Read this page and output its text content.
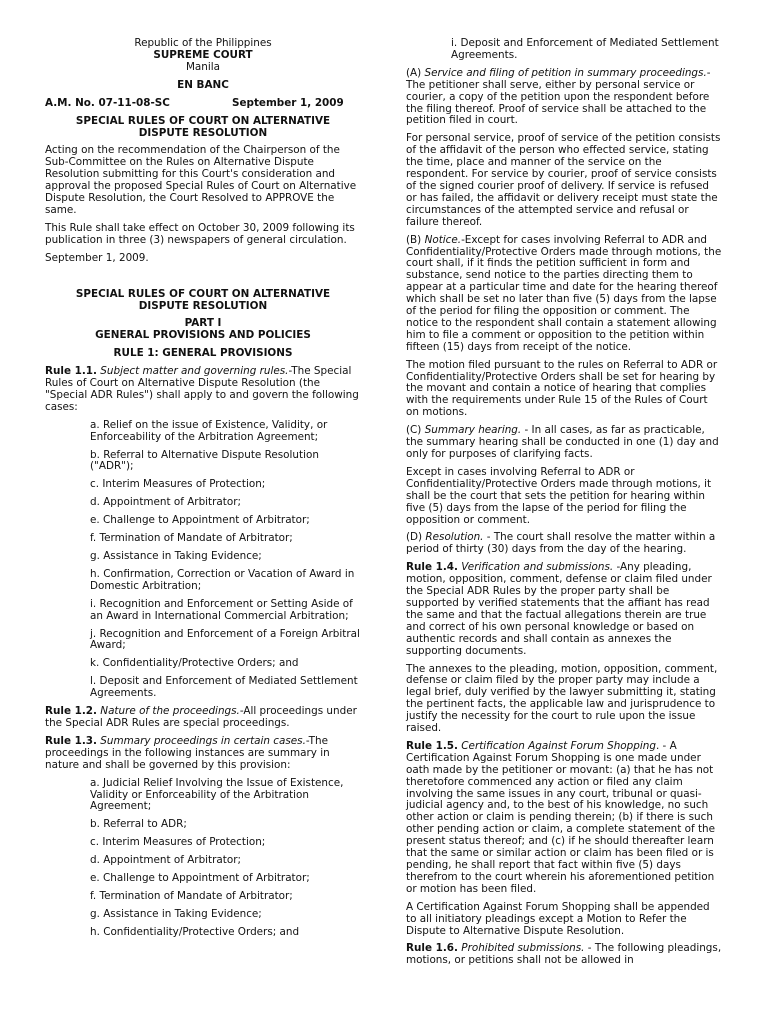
Republic of the Philippines

SUPREME COURT

Manila

EN BANC

A.M. No. 07-11-08-SC	September 1, 2009

SPECIAL RULES OF COURT ON ALTERNATIVE DISPUTE RESOLUTION

Acting on the recommendation of the Chairperson of the Sub-Committee on the Rules on Alternative Dispute Resolution submitting for this Court's consideration and approval the proposed Special Rules of Court on Alternative Dispute Resolution, the Court Resolved to APPROVE the same.

This Rule shall take effect on October 30, 2009 following its publication in three (3) newspapers of general circulation.

September 1, 2009.

SPECIAL RULES OF COURT ON ALTERNATIVE DISPUTE RESOLUTION

PART I

GENERAL PROVISIONS AND POLICIES

RULE 1: GENERAL PROVISIONS

Rule 1.1. Subject matter and governing rules.-The Special Rules of Court on Alternative Dispute Resolution (the "Special ADR Rules") shall apply to and govern the following cases:

a. Relief on the issue of Existence, Validity, or Enforceability of the Arbitration Agreement;

b. Referral to Alternative Dispute Resolution ("ADR");

c. Interim Measures of Protection;

d. Appointment of Arbitrator;

e. Challenge to Appointment of Arbitrator;

f. Termination of Mandate of Arbitrator;

g. Assistance in Taking Evidence;

h. Confirmation, Correction or Vacation of Award in Domestic Arbitration;

i. Recognition and Enforcement or Setting Aside of an Award in International Commercial Arbitration;

j. Recognition and Enforcement of a Foreign Arbitral Award;

k. Confidentiality/Protective Orders; and

l. Deposit and Enforcement of Mediated Settlement Agreements.

Rule 1.2. Nature of the proceedings.-All proceedings under the Special ADR Rules are special proceedings.

Rule 1.3. Summary proceedings in certain cases.-The proceedings in the following instances are summary in nature and shall be governed by this provision:

a. Judicial Relief Involving the Issue of Existence, Validity or Enforceability of the Arbitration Agreement;

b. Referral to ADR;

c. Interim Measures of Protection;

d. Appointment of Arbitrator;

e. Challenge to Appointment of Arbitrator;

f. Termination of Mandate of Arbitrator;

g. Assistance in Taking Evidence;

h. Confidentiality/Protective Orders; and

i. Deposit and Enforcement of Mediated Settlement Agreements.

(A) Service and filing of petition in summary proceedings.-The petitioner shall serve, either by personal service or courier, a copy of the petition upon the respondent before the filing thereof. Proof of service shall be attached to the petition filed in court.

For personal service, proof of service of the petition consists of the affidavit of the person who effected service, stating the time, place and manner of the service on the respondent. For service by courier, proof of service consists of the signed courier proof of delivery. If service is refused or has failed, the affidavit or delivery receipt must state the circumstances of the attempted service and refusal or failure thereof.

(B) Notice.-Except for cases involving Referral to ADR and Confidentiality/Protective Orders made through motions, the court shall, if it finds the petition sufficient in form and substance, send notice to the parties directing them to appear at a particular time and date for the hearing thereof which shall be set no later than five (5) days from the lapse of the period for filing the opposition or comment. The notice to the respondent shall contain a statement allowing him to file a comment or opposition to the petition within fifteen (15) days from receipt of the notice.

The motion filed pursuant to the rules on Referral to ADR or Confidentiality/Protective Orders shall be set for hearing by the movant and contain a notice of hearing that complies with the requirements under Rule 15 of the Rules of Court on motions.

(C) Summary hearing. - In all cases, as far as practicable, the summary hearing shall be conducted in one (1) day and only for purposes of clarifying facts.

Except in cases involving Referral to ADR or Confidentiality/Protective Orders made through motions, it shall be the court that sets the petition for hearing within five (5) days from the lapse of the period for filing the opposition or comment.

(D) Resolution. - The court shall resolve the matter within a period of thirty (30) days from the day of the hearing.

Rule 1.4. Verification and submissions. -Any pleading, motion, opposition, comment, defense or claim filed under the Special ADR Rules by the proper party shall be supported by verified statements that the affiant has read the same and that the factual allegations therein are true and correct of his own personal knowledge or based on authentic records and shall contain as annexes the supporting documents.

The annexes to the pleading, motion, opposition, comment, defense or claim filed by the proper party may include a legal brief, duly verified by the lawyer submitting it, stating the pertinent facts, the applicable law and jurisprudence to justify the necessity for the court to rule upon the issue raised.

Rule 1.5. Certification Against Forum Shopping. - A Certification Against Forum Shopping is one made under oath made by the petitioner or movant: (a) that he has not theretofore commenced any action or filed any claim involving the same issues in any court, tribunal or quasi-judicial agency and, to the best of his knowledge, no such other action or claim is pending therein; (b) if there is such other pending action or claim, a complete statement of the present status thereof; and (c) if he should thereafter learn that the same or similar action or claim has been filed or is pending, he shall report that fact within five (5) days therefrom to the court wherein his aforementioned petition or motion has been filed.

A Certification Against Forum Shopping shall be appended to all initiatory pleadings except a Motion to Refer the Dispute to Alternative Dispute Resolution.

Rule 1.6. Prohibited submissions. - The following pleadings, motions, or petitions shall not be allowed in
